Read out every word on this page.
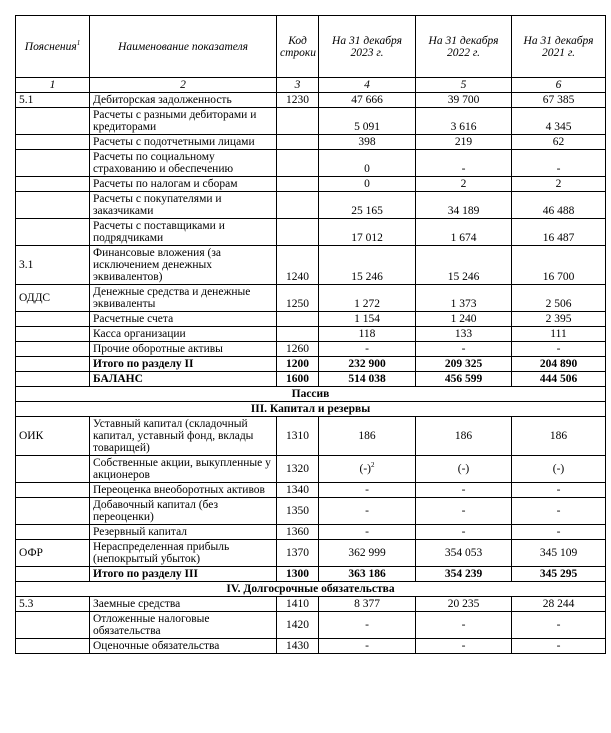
Пояснения$^1$	Наименование показателя	Код строки	На 31 декабря 2023 г.	На 31 декабря 2022 г.	На 31 декабря 2021 г.
1	2	3	4	5	6
5.1	Дебиторская задолженность	1230	47 666	39 700	67 385
	Расчеты с разными дебиторами и кредиторами		5 091	3 616	4 345
	Расчеты с подотчетными лицами		398	219	62
	Расчеты по социальному страхованию и обеспечению		0	-	-
	Расчеты по налогам и сборам		0	2	2
	Расчеты с покупателями и заказчиками		25 165	34 189	46 488
	Расчеты с поставщиками и подрядчиками		17 012	1 674	16 487
3.1	Финансовые вложения (за исключением денежных эквивалентов)	1240	15 246	15 246	16 700
ОДДС	Денежные средства и денежные эквиваленты	1250	1 272	1 373	2 506
	Расчетные счета		1 154	1 240	2 395
	Касса организации		118	133	111
	Прочие оборотные активы	1260	-	-	-
	Итого по разделу II	1200	232 900	209 325	204 890
	БАЛАНС	1600	514 038	456 599	444 506
Пассив					
III. Капитал и резервы					
ОИК	Уставный капитал (складочный капитал, уставный фонд, вклады товарищей)	1310	186	186	186
	Собственные акции, выкупленные у акционеров	1320	$(-)^2$	(-)	(-)
	Переоценка внеоборотных активов	1340	-	-	-
	Добавочный капитал (без переоценки)	1350	-	-	-
	Резервный капитал	1360	-	-	-
ОФР	Нераспределенная прибыль (непокрытый убыток)	1370	362 999	354 053	345 109
	Итого по разделу III	1300	363 186	354 239	345 295
IV. Долгосрочные обязательства					
5.3	Заемные средства	1410	8 377	20 235	28 244
	Отложенные налоговые обязательства	1420	-	-	-
	Оценочные обязательства	1430	-	-	-
